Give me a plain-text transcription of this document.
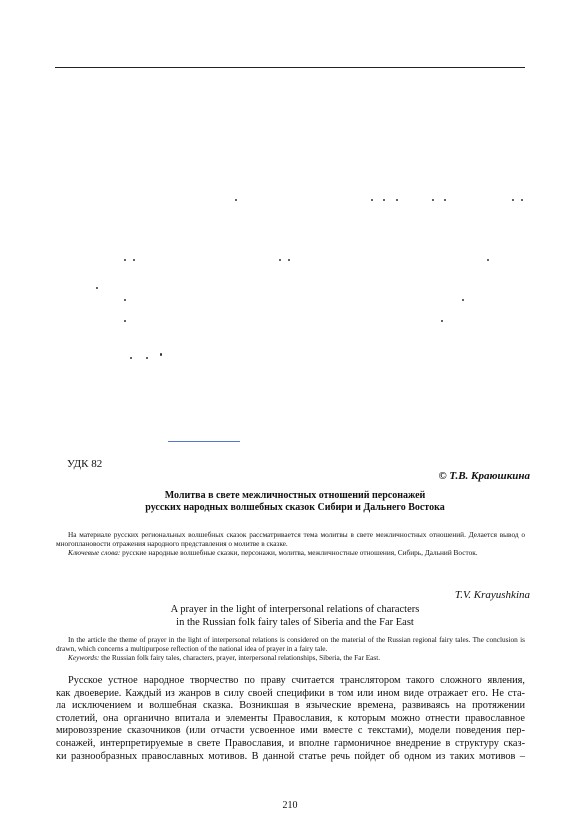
УДК 82
© Т.В. Краюшкина
Молитва в свете межличностных отношений персонажей
русских народных волшебных сказок Сибири и Дальнего Востока
На материале русских региональных волшебных сказок рассматривается тема молитвы в свете межличностных отношений. Делается вывод о многоплановости отражения народного представления о молитве в сказке.
Ключевые слова: русские народные волшебные сказки, персонажи, молитва, межличностные отношения, Сибирь, Дальний Восток.
T.V. Krayushkina
A prayer in the light of interpersonal relations of characters
in the Russian folk fairy tales of Siberia and the Far East
In the article the theme of prayer in the light of interpersonal relations is considered on the material of the Russian regional fairy tales. The conclusion is drawn, which concerns a multipurpose reflection of the national idea of prayer in a fairy tale.
Keywords: the Russian folk fairy tales, characters, prayer, interpersonal relationships, Siberia, the Far East.
Русское устное народное творчество по праву считается транслятором такого сложного явления,
как двоеверие. Каждый из жанров в силу своей специфики в том или ином виде отражает его. Не ста-
ла исключением и волшебная сказка. Возникшая в языческие времена, развиваясь на протяжении
столетий, она органично впитала и элементы Православия, к которым можно отнести православное
мировоззрение сказочников (или отчасти усвоенное ими вместе с текстами), модели поведения пер-
сонажей, интерпретируемые в свете Православия, и вполне гармоничное внедрение в структуру сказ-
ки разнообразных православных мотивов. В данной статье речь пойдет об одном из таких мотивов –
210
